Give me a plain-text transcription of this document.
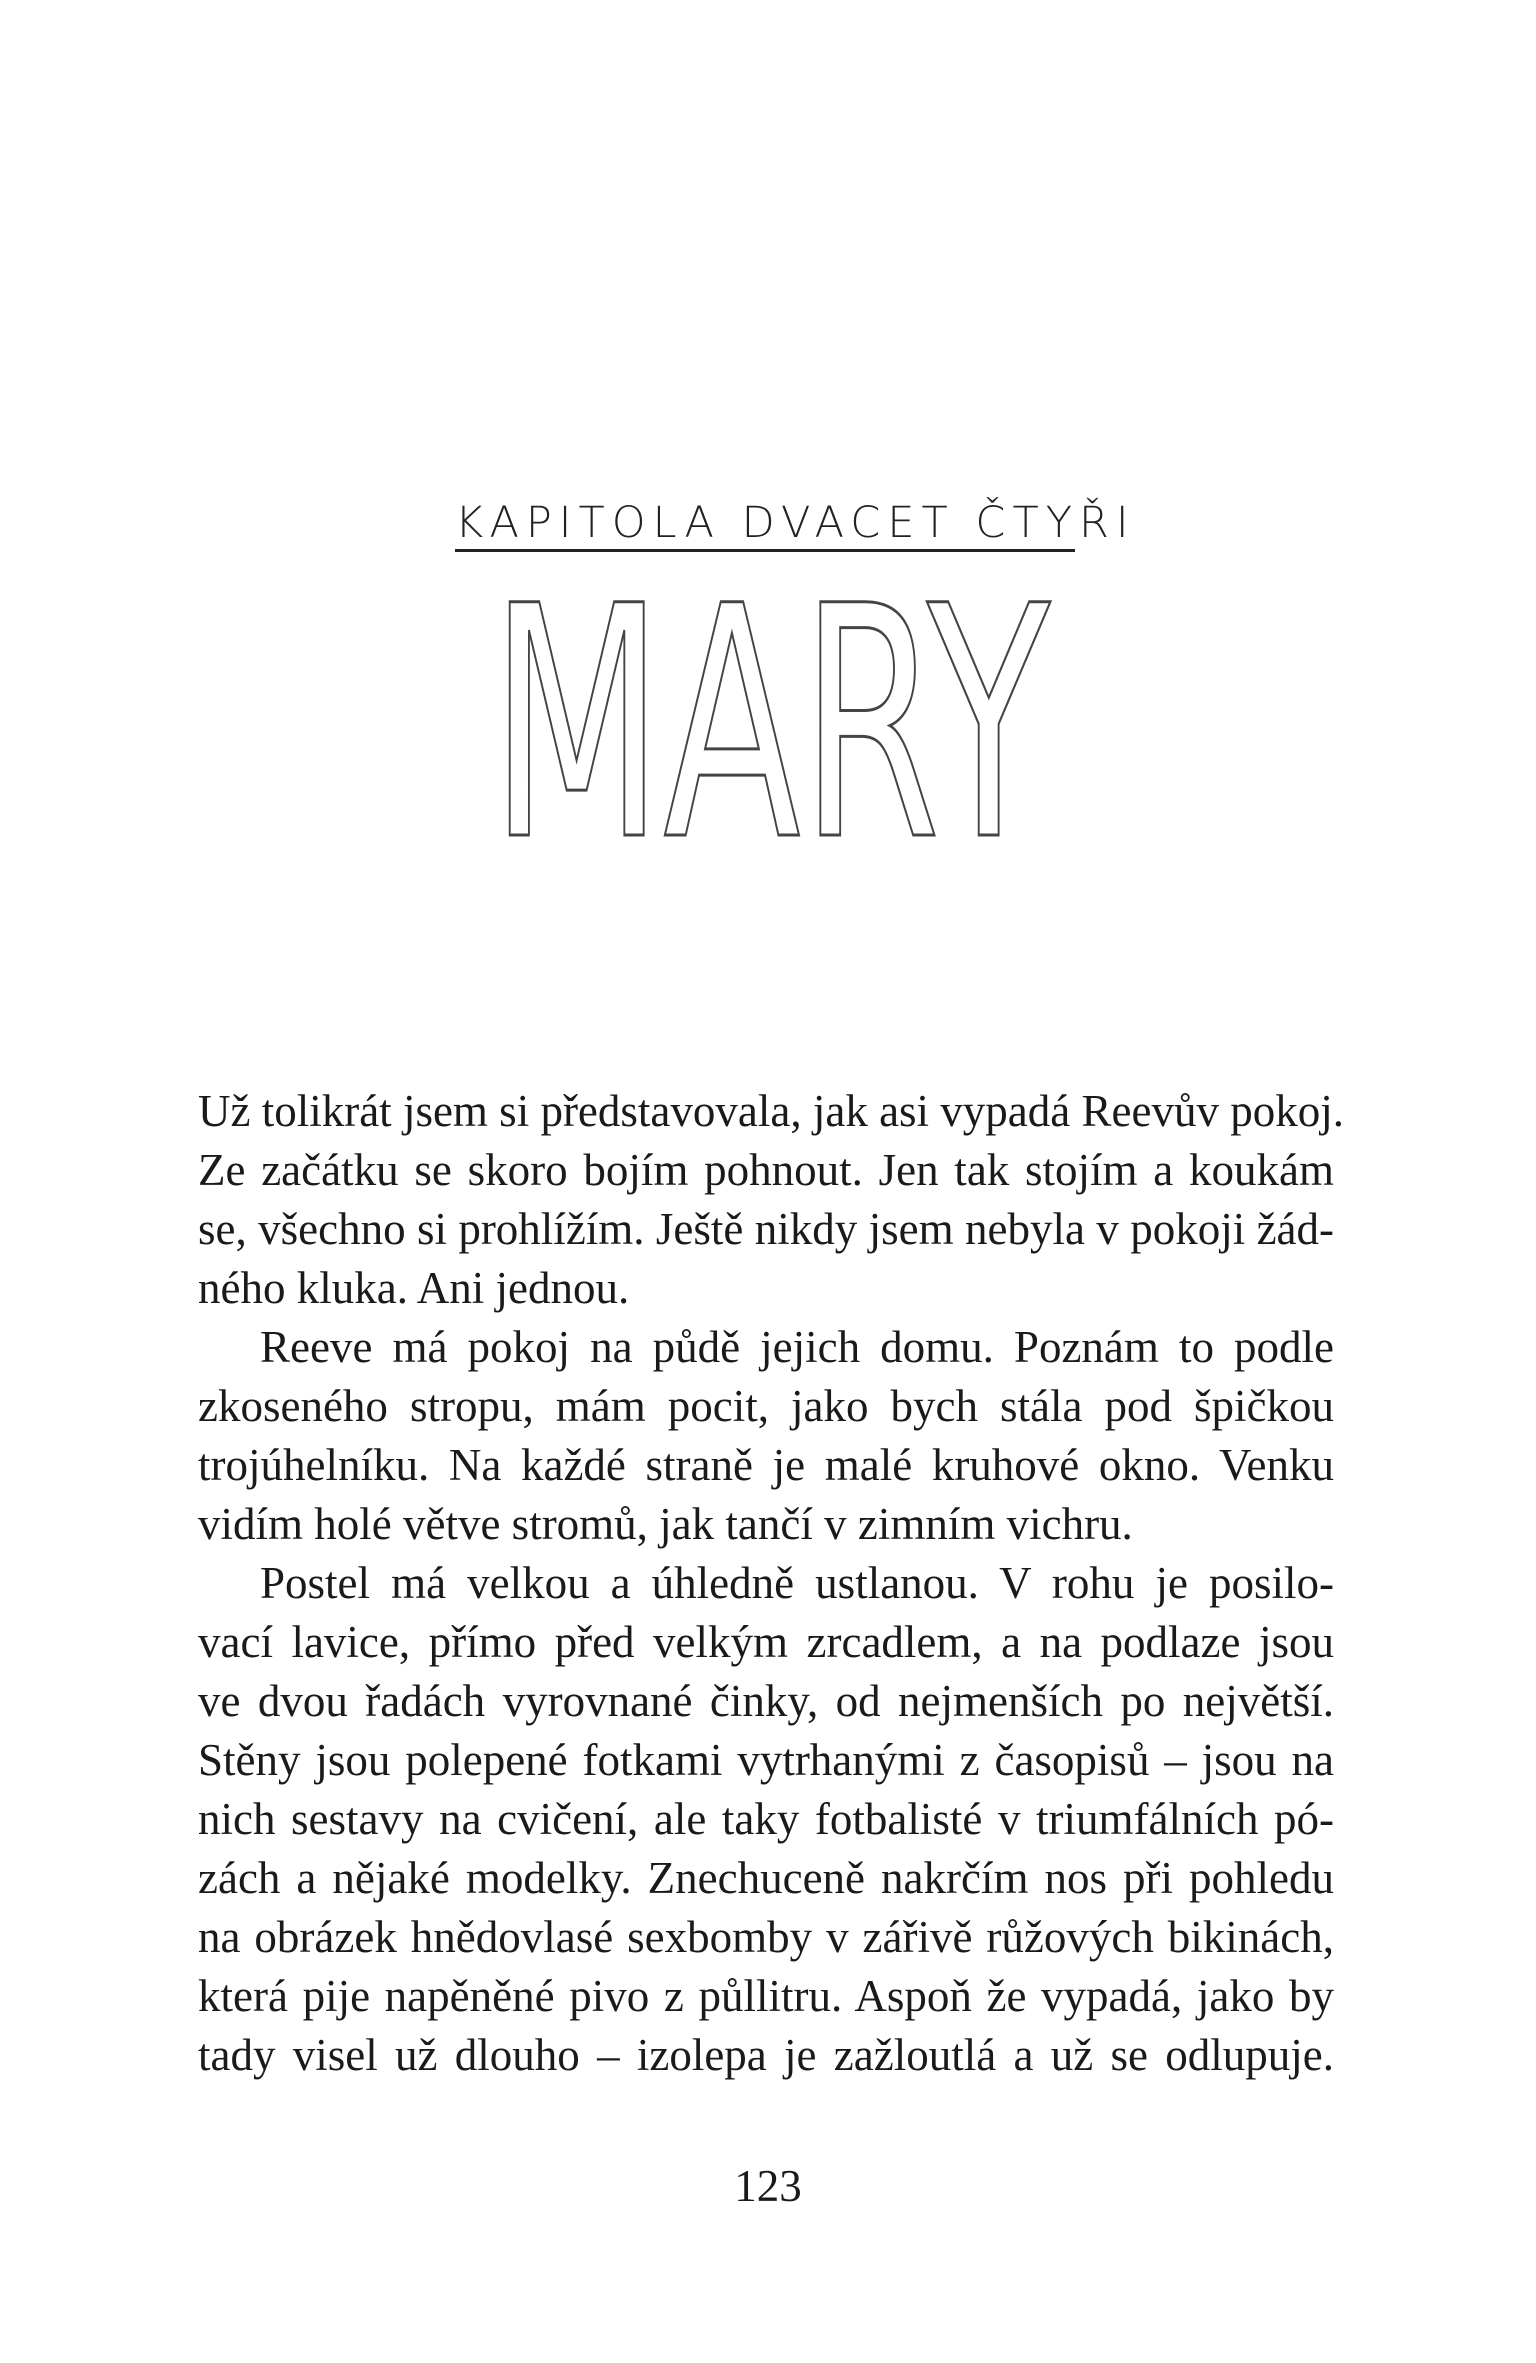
KAPITOLA DVACET ČTYŘI
MARY
Už tolikrát jsem si představovala, jak asi vypadá Reevův pokoj.
Ze začátku se skoro bojím pohnout. Jen tak stojím a koukám
se, všechno si prohlížím. Ještě nikdy jsem nebyla v pokoji žád-
ného kluka. Ani jednou.
Reeve má pokoj na půdě jejich domu. Poznám to podle
zkoseného stropu, mám pocit, jako bych stála pod špičkou
trojúhelníku. Na každé straně je malé kruhové okno. Venku
vidím holé větve stromů, jak tančí v zimním vichru.
Postel má velkou a úhledně ustlanou. V rohu je posilo-
vací lavice, přímo před velkým zrcadlem, a na podlaze jsou
ve dvou řadách vyrovnané činky, od nejmenších po největší.
Stěny jsou polepené fotkami vytrhanými z časopisů – jsou na
nich sestavy na cvičení, ale taky fotbalisté v triumfálních pó-
zách a nějaké modelky. Znechuceně nakrčím nos při pohledu
na obrázek hnědovlasé sexbomby v zářivě růžových bikinách,
která pije napěněné pivo z půllitru. Aspoň že vypadá, jako by
tady visel už dlouho – izolepa je zažloutlá a už se odlupuje.
123
